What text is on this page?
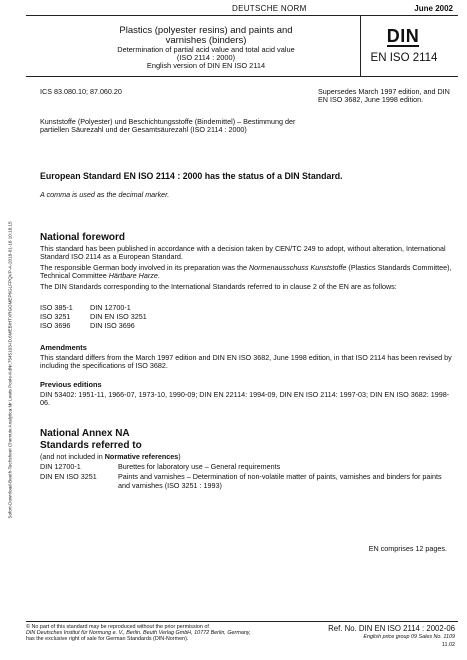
DEUTSCHE NORM	June 2002
Plastics (polyester resins) and paints and
varnishes (binders)
Determination of partial acid value and total acid value
(ISO 2114 : 2000)
English version of DIN EN ISO 2114
DIN
EN ISO 2114
ICS 83.080.10; 87.060.20	Supersedes March 1997 edition, and DIN EN ISO 3682, June 1998 edition.
Kunststoffe (Polyester) und Beschichtungsstoffe (Bindemittel) – Bestimmung der partiellen Säurezahl und der Gesamtsäurezahl (ISO 2114 : 2000)
European Standard EN ISO 2114 : 2000 has the status of a DIN Standard.
A comma is used as the decimal marker.
National foreword
This standard has been published in accordance with a decision taken by CEN/TC 249 to adopt, without alteration, International Standard ISO 2114 as a European Standard.
The responsible German body involved in its preparation was the Normenausschuss Kunststoffe (Plastics Standards Committee), Technical Committee Härtbare Harze.
The DIN Standards corresponding to the International Standards referred to in clause 2 of the EN are as follows:
ISO 385-1	DIN 12700-1
ISO 3251	DIN EN ISO 3251
ISO 3696	DIN ISO 3696
Amendments
This standard differs from the March 1997 edition and DIN EN ISO 3682, June 1998 edition, in that ISO 2114 has been revised by including the specifications of ISO 3682.
Previous editions
DIN 53402: 1951-11, 1966-07, 1973-10, 1990-09; DIN EN 22114: 1994-09, DIN EN ISO 2114: 1997-03; DIN EN ISO 3682: 1998-06.
National Annex NA
Standards referred to
(and not included in Normative references)
DIN 12700-1	Burettes for laboratory use – General requirements
DIN EN ISO 3251	Paints and varnishes – Determination of non-volatile matter of paints, varnishes and binders for paints and varnishes (ISO 3251 : 1993)
EN comprises 12 pages.
© No part of this standard may be reproduced without the prior permission of
DIN Deutsches Institut für Normung e. V., Berlin. Beuth Verlag GmbH, 10772 Berlin, Germany,
has the exclusive right of sale for German Standards (DIN-Normen).
Ref. No. DIN EN ISO 2114 : 2002-06
English price group 09 Sales No. 1109
11.02
Sofort-Download-Beuth-Techsheet Chemute Analytica Mr Lewis Poole-KdNr.7545103-ID.6MEBIHTXRGOMEP6GLFPQVP-A-2018-01-16 10:18:15
